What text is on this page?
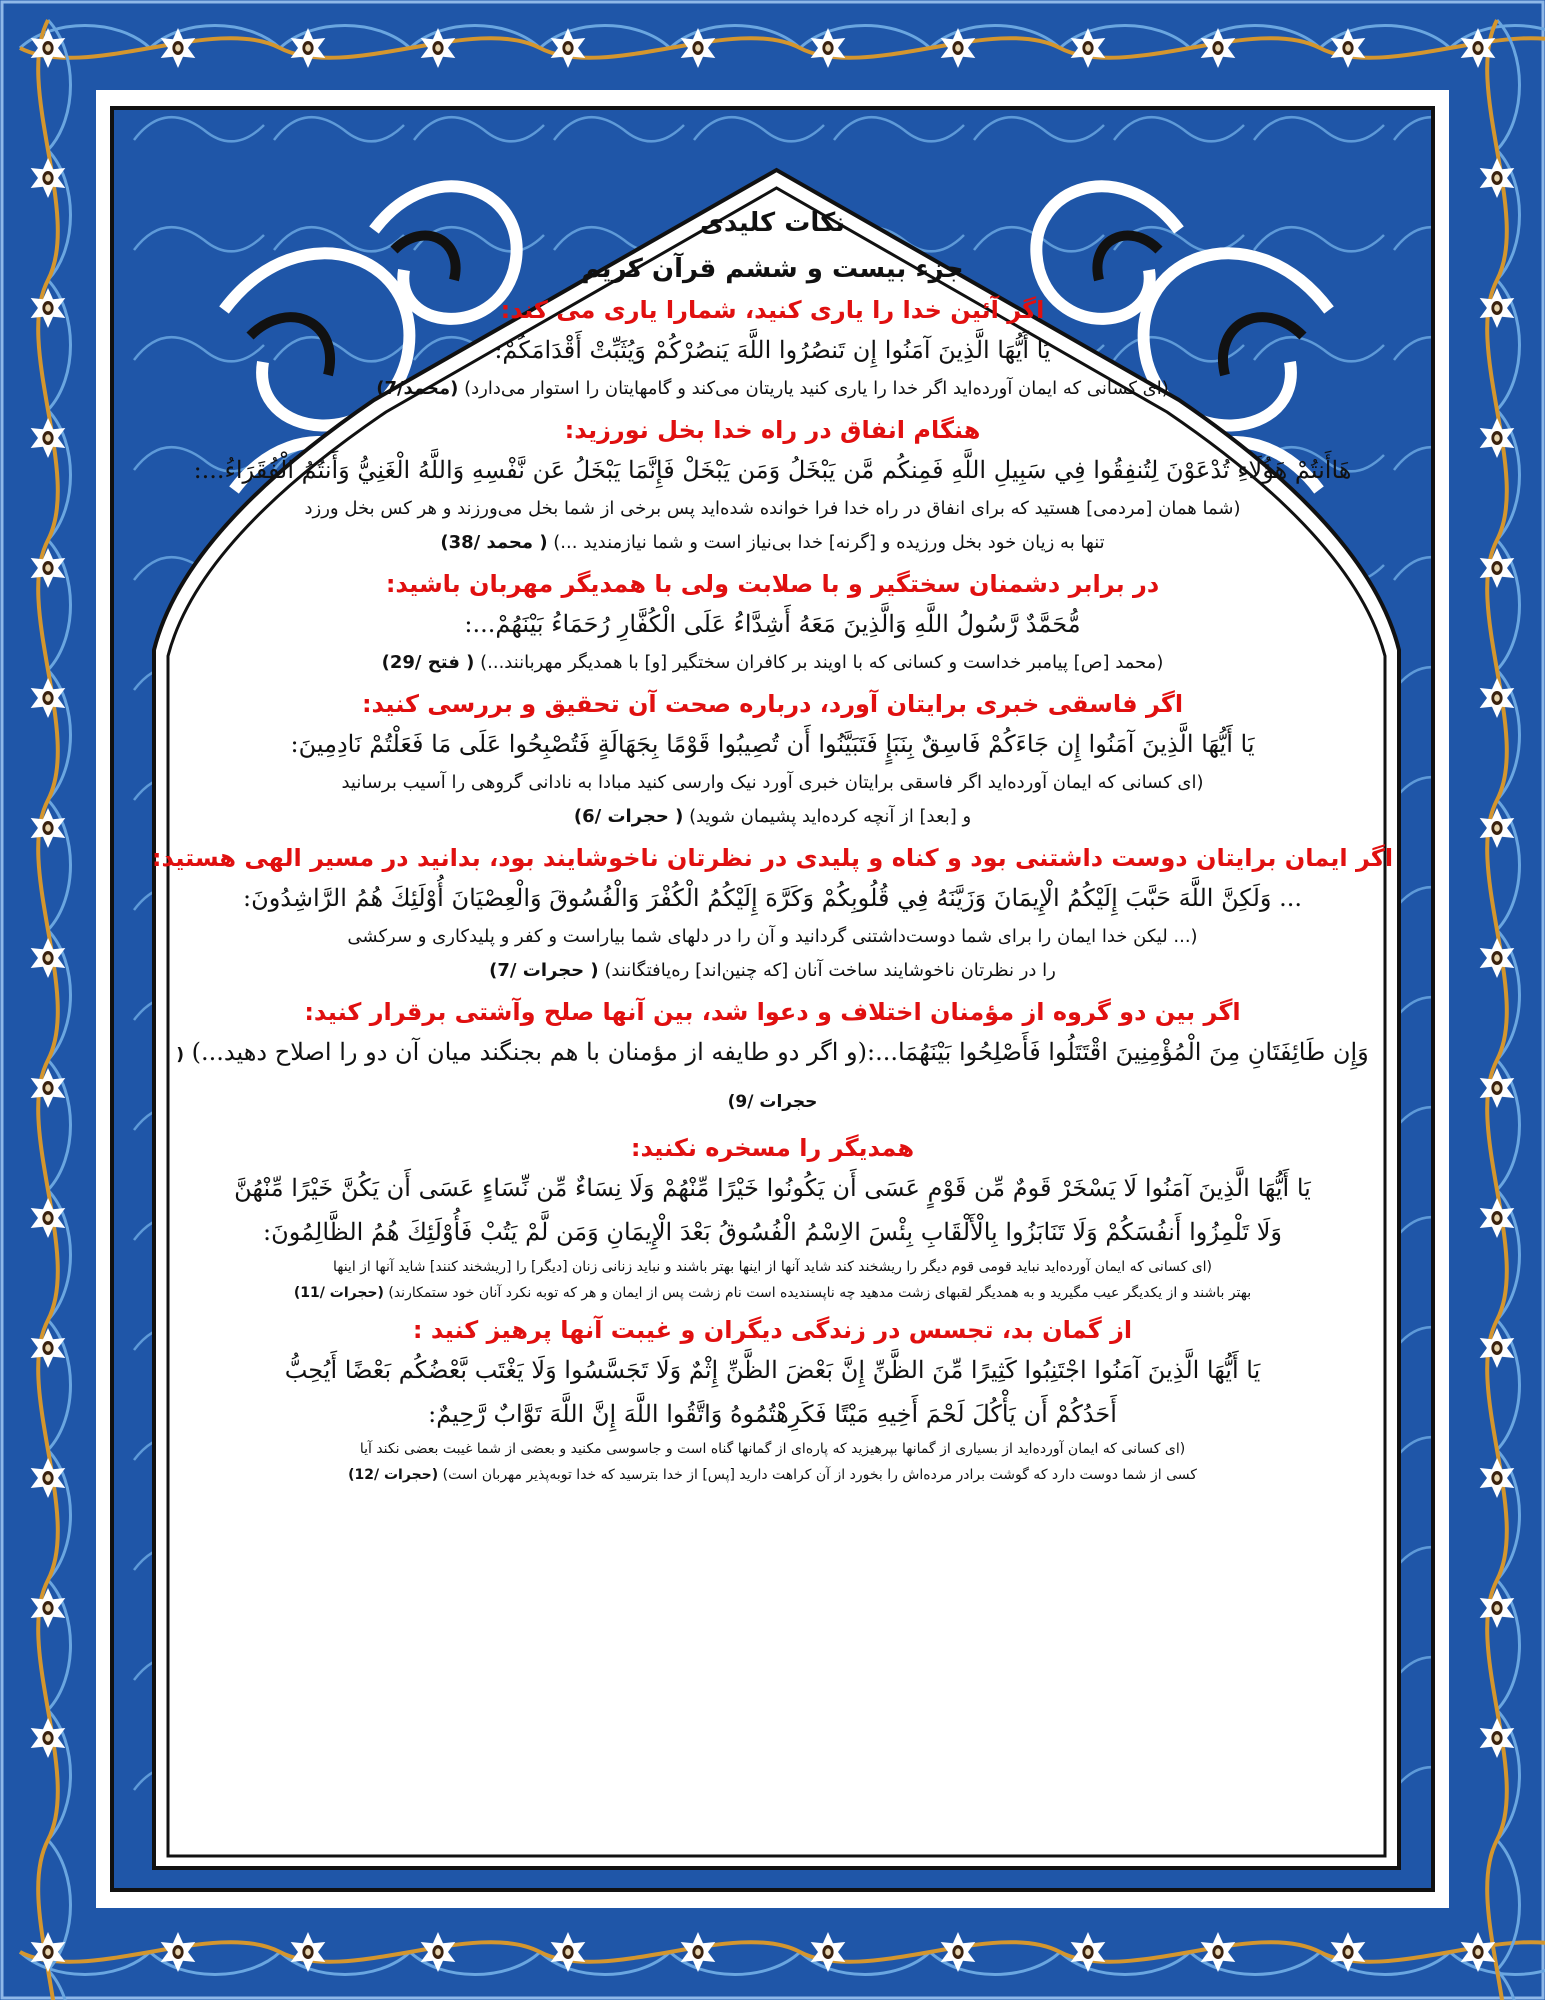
نکات کلیدی

جزء بیست و ششم قرآن کریم

اگر آئین خدا را یاری کنید، شمارا یاری می کند:

يَا أَيُّهَا الَّذِينَ آمَنُوا إِن تَنصُرُوا اللَّهَ يَنصُرْكُمْ وَيُثَبِّتْ أَقْدَامَكُمْ:

(ای کسانی که ایمان آورده‌اید اگر خدا را یاری کنید یاریتان می‌کند و گامهایتان را استوار می‌دارد) (محمد/7)

هنگام انفاق در راه خدا بخل نورزید:

هَاأَنتُمْ هَؤُلَاءِ تُدْعَوْنَ لِتُنفِقُوا فِي سَبِيلِ اللَّهِ فَمِنكُم مَّن يَبْخَلُ وَمَن يَبْخَلْ فَإِنَّمَا يَبْخَلُ عَن نَّفْسِهِ وَاللَّهُ الْغَنِيُّ وَأَنتُمُ الْفُقَرَاءُ...:

(شما همان [مردمی] هستید که برای انفاق در راه خدا فرا خوانده شده‌اید پس برخی از شما بخل می‌ورزند و هر کس بخل ورزد

تنها به زیان خود بخل ورزیده و [گرنه] خدا بی‌نیاز است و شما نیازمندید ...) ( محمد /38)

در برابر دشمنان سختگیر و با صلابت ولی با همدیگر مهربان باشید:

مُّحَمَّدٌ رَّسُولُ اللَّهِ وَالَّذِينَ مَعَهُ أَشِدَّاءُ عَلَى الْكُفَّارِ رُحَمَاءُ بَيْنَهُمْ...:

(محمد [ص] پیامبر خداست و کسانی که با اویند بر کافران سختگیر [و] با همدیگر مهربانند...) ( فتح /29)

اگر فاسقی خبری برایتان آورد، درباره صحت آن تحقیق و بررسی کنید:

يَا أَيُّهَا الَّذِينَ آمَنُوا إِن جَاءَكُمْ فَاسِقٌ بِنَبَإٍ فَتَبَيَّنُوا أَن تُصِيبُوا قَوْمًا بِجَهَالَةٍ فَتُصْبِحُوا عَلَى مَا فَعَلْتُمْ نَادِمِينَ:

(ای کسانی که ایمان آورده‌اید اگر فاسقی برایتان خبری آورد نیک وارسی کنید مبادا به نادانی گروهی را آسیب برسانید

و [بعد] از آنچه کرده‌اید پشیمان شوید) ( حجرات /6)

اگر ایمان برایتان دوست داشتنی بود و کناه و پلیدی در نظرتان ناخوشایند بود، بدانید در مسیر الهی هستید:

... وَلَكِنَّ اللَّهَ حَبَّبَ إِلَيْكُمُ الْإِيمَانَ وَزَيَّنَهُ فِي قُلُوبِكُمْ وَكَرَّهَ إِلَيْكُمُ الْكُفْرَ وَالْفُسُوقَ وَالْعِصْيَانَ أُوْلَئِكَ هُمُ الرَّاشِدُونَ:

(... لیکن خدا ایمان را برای شما دوست‌داشتنی گردانید و آن را در دلهای شما بیاراست و کفر و پلیدکاری و سرکشی

را در نظرتان ناخوشایند ساخت آنان [که چنین‌اند] ره‌یافتگانند) ( حجرات /7)

اگر بین دو گروه از مؤمنان اختلاف و دعوا شد، بین آنها صلح وآشتی برقرار کنید:

وَإِن طَائِفَتَانِ مِنَ الْمُؤْمِنِينَ اقْتَتَلُوا فَأَصْلِحُوا بَيْنَهُمَا...:(و اگر دو طایفه از مؤمنان با هم بجنگند میان آن دو را اصلاح دهید...) ( حجرات /9)

همدیگر را مسخره نکنید:

يَا أَيُّهَا الَّذِينَ آمَنُوا لَا يَسْخَرْ قَومٌ مِّن قَوْمٍ عَسَى أَن يَكُونُوا خَيْرًا مِّنْهُمْ وَلَا نِسَاءٌ مِّن نِّسَاءٍ عَسَى أَن يَكُنَّ خَيْرًا مِّنْهُنَّ

وَلَا تَلْمِزُوا أَنفُسَكُمْ وَلَا تَنَابَزُوا بِالْأَلْقَابِ بِئْسَ الاِسْمُ الْفُسُوقُ بَعْدَ الْإِيمَانِ وَمَن لَّمْ يَتُبْ فَأُوْلَئِكَ هُمُ الظَّالِمُونَ:

(ای کسانی که ایمان آورده‌اید نباید قومی قوم دیگر را ریشخند کند شاید آنها از اینها بهتر باشند و نباید زنانی زنان [دیگر] را [ریشخند کنند] شاید آنها از اینها

بهتر باشند و از یکدیگر عیب مگیرید و به همدیگر لقبهای زشت مدهید چه ناپسندیده است نام زشت پس از ایمان و هر که توبه نکرد آنان خود ستمکارند) (حجرات /11)

از گمان بد، تجسس در زندگی دیگران و غیبت آنها پرهیز کنید :

يَا أَيُّهَا الَّذِينَ آمَنُوا اجْتَنِبُوا كَثِيرًا مِّنَ الظَّنِّ إِنَّ بَعْضَ الظَّنِّ إِثْمٌ وَلَا تَجَسَّسُوا وَلَا يَغْتَب بَّعْضُكُم بَعْضًا أَيُحِبُّ

أَحَدُكُمْ أَن يَأْكُلَ لَحْمَ أَخِيهِ مَيْتًا فَكَرِهْتُمُوهُ وَاتَّقُوا اللَّهَ إِنَّ اللَّهَ تَوَّابٌ رَّحِيمٌ:

(ای کسانی که ایمان آورده‌اید از بسیاری از گمانها بپرهیزید که پاره‌ای از گمانها گناه است و جاسوسی مکنید و بعضی از شما غیبت بعضی نکند آیا

کسی از شما دوست دارد که گوشت برادر مرده‌اش را بخورد از آن کراهت دارید [پس] از خدا بترسید که خدا توبه‌پذیر مهربان است) (حجرات /12)
